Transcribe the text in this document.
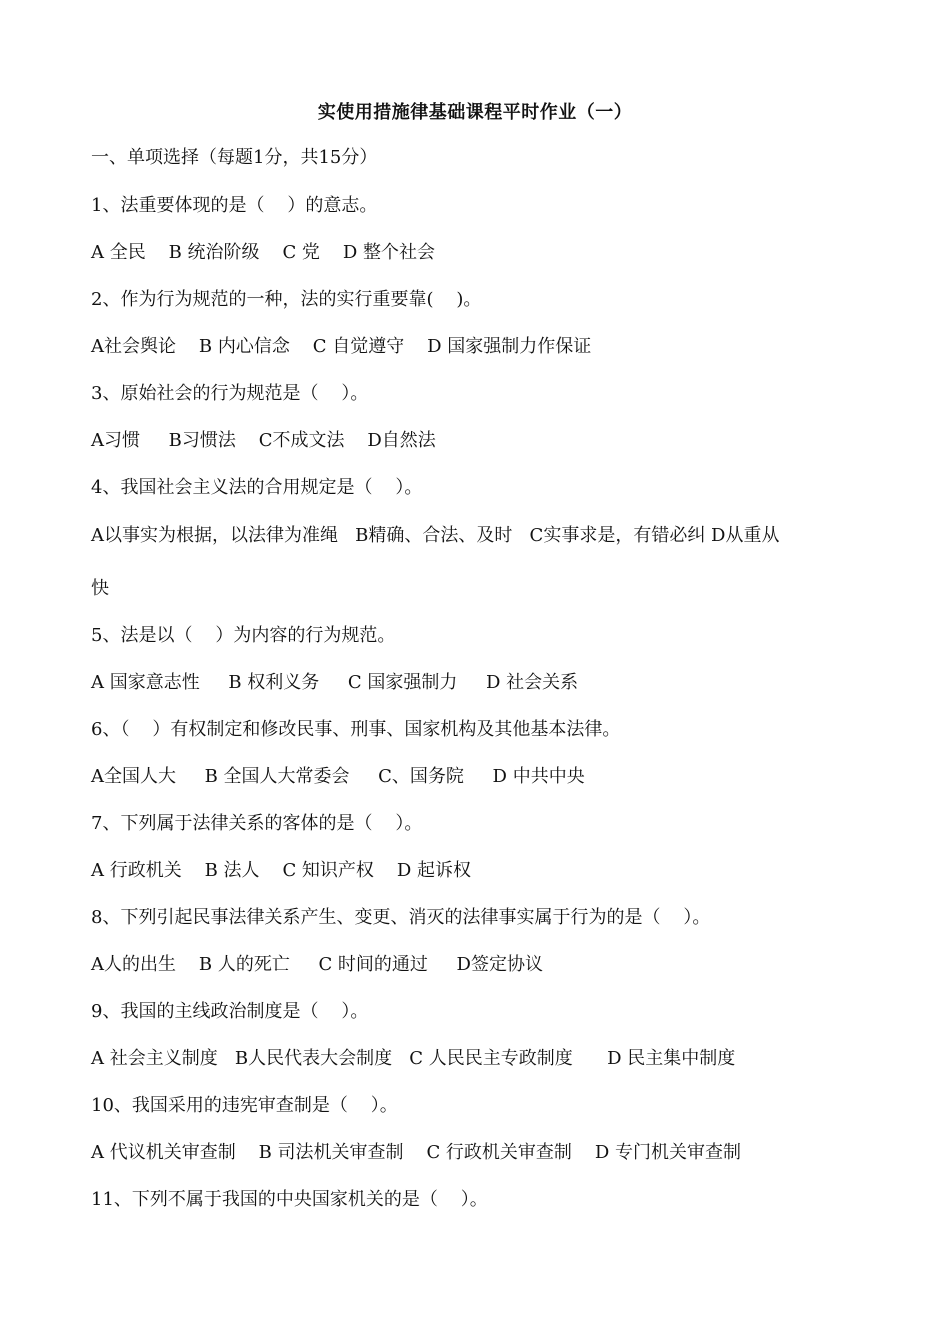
实使用措施律基础课程平时作业（一）
一、单项选择（每题1分，共15分）
1、法重要体现的是（    ）的意志。
A 全民    B 统治阶级    C 党    D 整个社会
2、作为行为规范的一种，法的实行重要靠(    )。
A社会舆论    B 内心信念    C 自觉遵守    D 国家强制力作保证
3、原始社会的行为规范是（    ）。
A习惯     B习惯法    C不成文法    D自然法
4、我国社会主义法的合用规定是（    ）。
A以事实为根据，以法律为准绳   B精确、合法、及时   C实事求是，有错必纠 D从重从
快
5、法是以（    ）为内容的行为规范。
A 国家意志性     B 权利义务     C 国家强制力     D 社会关系
6、（    ）有权制定和修改民事、刑事、国家机构及其他基本法律。
A全国人大     B 全国人大常委会     C、国务院     D 中共中央
7、下列属于法律关系的客体的是（    ）。
A 行政机关    B 法人    C 知识产权    D 起诉权
8、下列引起民事法律关系产生、变更、消灭的法律事实属于行为的是（    ）。
A人的出生    B 人的死亡     C 时间的通过     D签定协议
9、我国的主线政治制度是（    ）。
A 社会主义制度   B人民代表大会制度   C 人民民主专政制度      D 民主集中制度
10、我国采用的违宪审查制是（    ）。
A 代议机关审查制    B 司法机关审查制    C 行政机关审查制    D 专门机关审查制
11、下列不属于我国的中央国家机关的是（    ）。
